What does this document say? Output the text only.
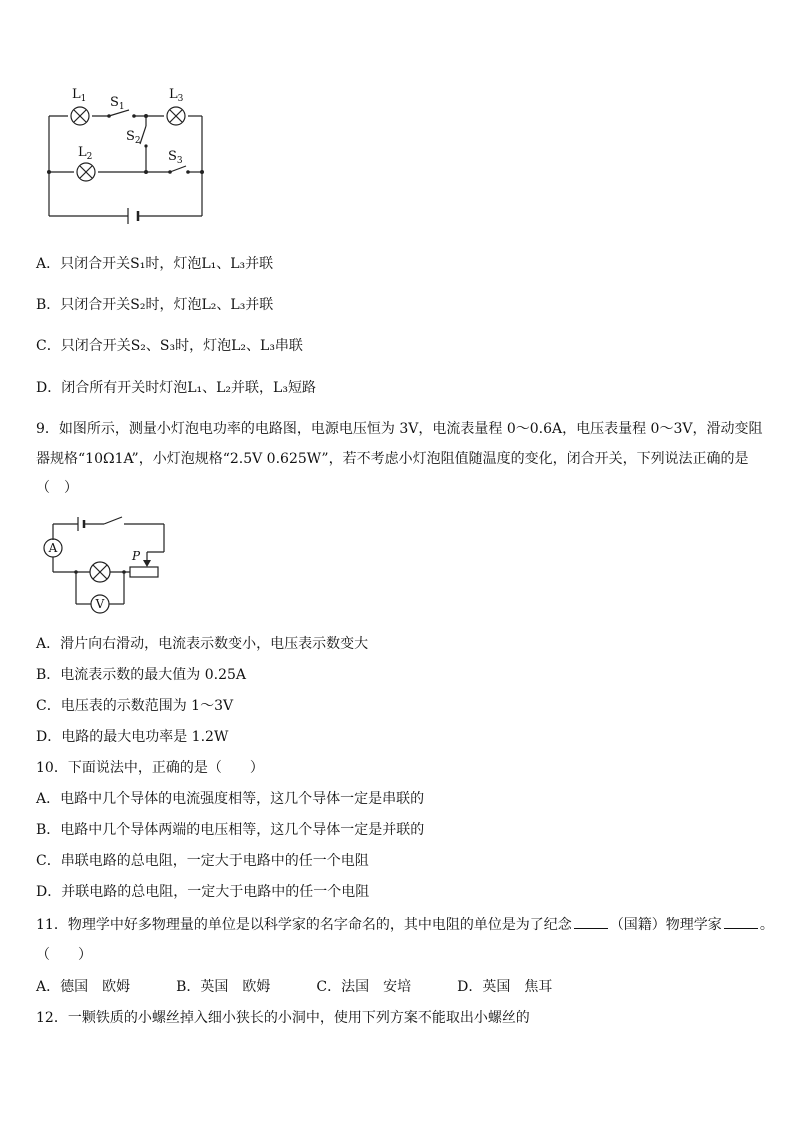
$L_1$ $S_1$
$L_3$
$S_2$
$L_2$	$S_3$
A．只闭合开关S₁时，灯泡L₁、L₃并联
B．只闭合开关S₂时，灯泡L₂、L₃并联
C．只闭合开关S₂、S₃时，灯泡L₂、L₃串联
D．闭合所有开关时灯泡L₁、L₂并联，L₃短路
9．如图所示，测量小灯泡电功率的电路图，电源电压恒为 3V，电流表量程 0～0.6A，电压表量程 0～3V，滑动变阻器规格“10Ω1A”，小灯泡规格“2.5V 0.625W”，若不考虑小灯泡阻值随温度的变化，闭合开关，下列说法正确的是
（　）
A
V
P
A．滑片向右滑动，电流表示数变小，电压表示数变大
B．电流表示数的最大值为 0.25A
C．电压表的示数范围为 1～3V
D．电路的最大电功率是 1.2W
10．下面说法中，正确的是（　　）
A．电路中几个导体的电流强度相等，这几个导体一定是串联的
B．电路中几个导体两端的电压相等，这几个导体一定是并联的
C．串联电路的总电阻，一定大于电路中的任一个电阻
D．并联电路的总电阻，一定大于电路中的任一个电阻
11．物理学中好多物理量的单位是以科学家的名字命名的，其中电阻的单位是为了纪念	（国籍）物理学家	。
（　　）
A．德国　欧姆	B．英国　欧姆	C．法国　安培	D．英国　焦耳
12．一颗铁质的小螺丝掉入细小狭长的小洞中，使用下列方案不能取出小螺丝的
